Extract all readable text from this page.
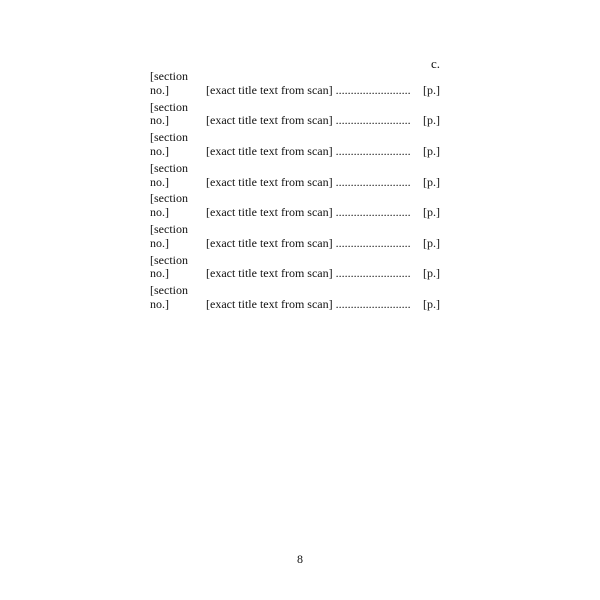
с.
[section no.]	[exact title text from scan] .....	[p.]
[section no.]	[exact title text from scan] .....	[p.]
[section no.]	[exact title text from scan] .....	[p.]
[section no.]	[exact title text from scan] .....	[p.]
[section no.]	[exact title text from scan] .....	[p.]
[section no.]	[exact title text from scan] .....	[p.]
[section no.]	[exact title text from scan] .....	[p.]
[section no.]	[exact title text from scan] .....	[p.]
8
